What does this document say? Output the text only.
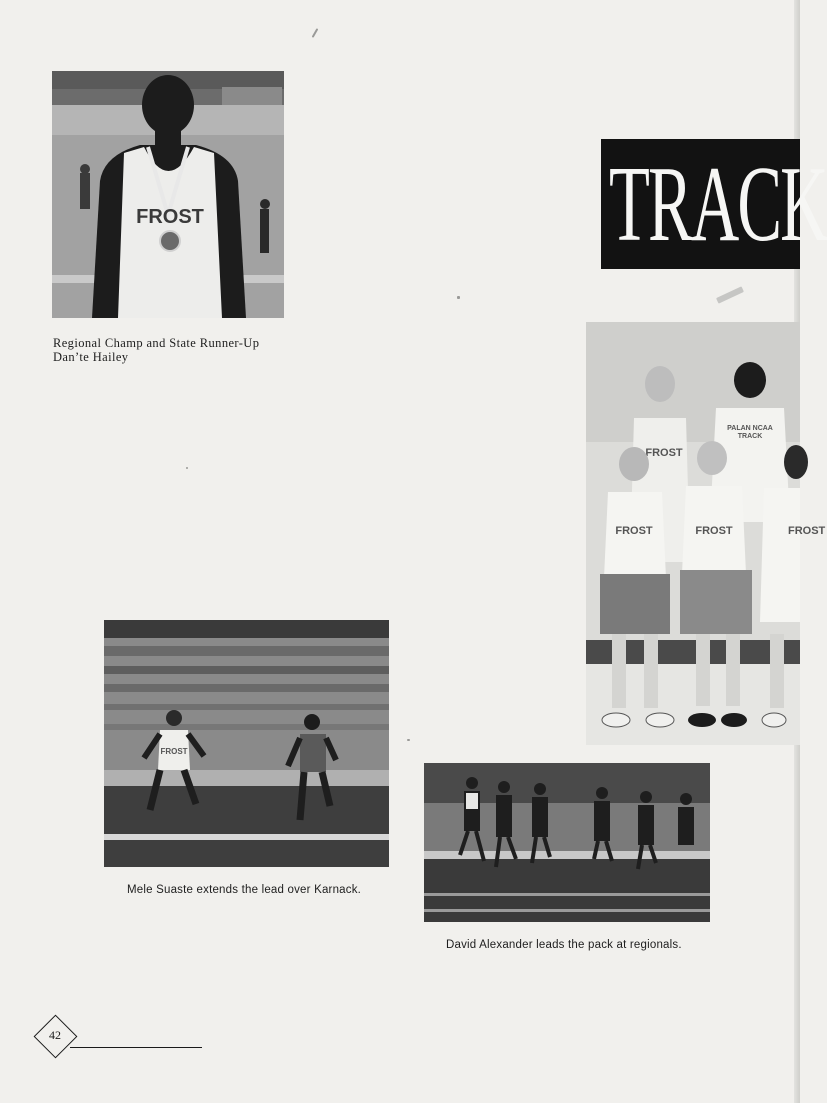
FROST
Regional Champ and State Runner-Up
Dan’te Hailey
TRACK
PALAN NCAA
TRACK
FROST
FROST	FROST	FROST
FROST
Mele Suaste extends the lead over Karnack.
David Alexander leads the pack at regionals.
42
